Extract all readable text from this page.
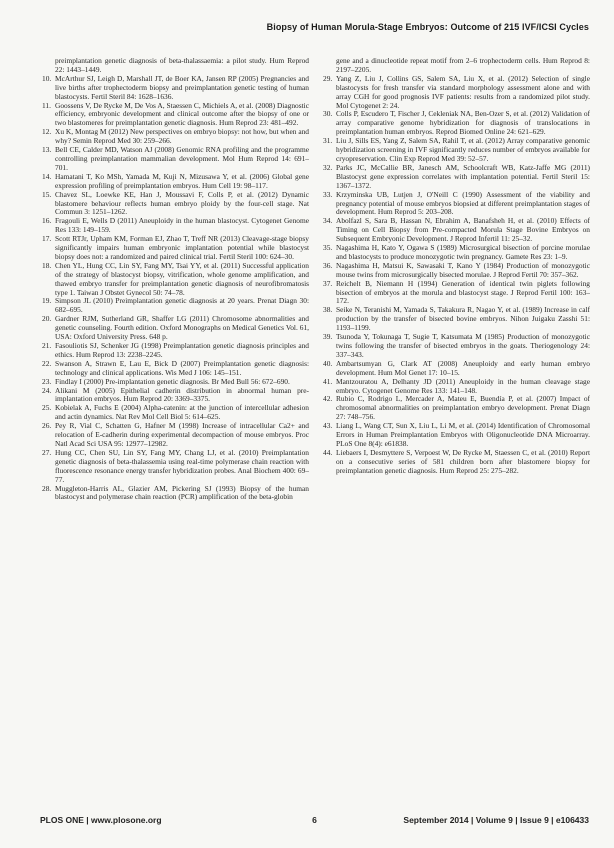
Biopsy of Human Morula-Stage Embryos: Outcome of 215 IVF/ICSI Cycles
preimplantation genetic diagnosis of beta-thalassaemia: a pilot study. Hum Reprod 22: 1443–1449.
10. McArthur SJ, Leigh D, Marshall JT, de Boer KA, Jansen RP (2005) Pregnancies and live births after trophectoderm biopsy and preimplantation genetic testing of human blastocysts. Fertil Steril 84: 1628–1636.
11. Goossens V, De Rycke M, De Vos A, Staessen C, Michiels A, et al. (2008) Diagnostic efficiency, embryonic development and clinical outcome after the biopsy of one or two blastomeres for preimplantation genetic diagnosis. Hum Reprod 23: 481–492.
12. Xu K, Montag M (2012) New perspectives on embryo biopsy: not how, but when and why? Semin Reprod Med 30: 259–266.
13. Bell CE, Calder MD, Watson AJ (2008) Genomic RNA profiling and the programme controlling preimplantation mammalian development. Mol Hum Reprod 14: 691–701.
14. Hamatani T, Ko MSh, Yamada M, Kuji N, Mizusawa Y, et al. (2006) Global gene expression profiling of preimplantation embryos. Hum Cell 19: 98–117.
15. Chavez SL, Loewke KE, Han J, Moussavi F, Colls P, et al. (2012) Dynamic blastomere behaviour reflects human embryo ploidy by the four-cell stage. Nat Commun 3: 1251–1262.
16. Fragouli E, Wells D (2011) Aneuploidy in the human blastocyst. Cytogenet Genome Res 133: 149–159.
17. Scott RTJr, Upham KM, Forman EJ, Zhao T, Treff NR (2013) Cleavage-stage biopsy significantly impairs human embryonic implantation potential while blastocyst biopsy does not: a randomized and paired clinical trial. Fertil Steril 100: 624–30.
18. Chen YL, Hung CC, Lin SY, Fang MY, Tsai YY, et al. (2011) Successful application of the strategy of blastocyst biopsy, vitrification, whole genome amplification, and thawed embryo transfer for preimplantation genetic diagnosis of neurofibromatosis type 1. Taiwan J Obstet Gynecol 50: 74–78.
19. Simpson JL (2010) Preimplantation genetic diagnosis at 20 years. Prenat Diagn 30: 682–695.
20. Gardner RJM, Sutherland GR, Shaffer LG (2011) Chromosome abnormalities and genetic counseling. Fourth edition. Oxford Monographs on Medical Genetics Vol. 61, USA: Oxford University Press. 648 p.
21. Fasouliotis SJ, Schenker JG (1998) Preimplantation genetic diagnosis principles and ethics. Hum Reprod 13: 2238–2245.
22. Swanson A, Strawn E, Lau E, Bick D (2007) Preimplantation genetic diagnosis: technology and clinical applications. Wis Med J 106: 145–151.
23. Findlay I (2000) Pre-implantation genetic diagnosis. Br Med Bull 56: 672–690.
24. Alikani M (2005) Epithelial cadherin distribution in abnormal human pre-implantation embryos. Hum Reprod 20: 3369–3375.
25. Kobielak A, Fuchs E (2004) Alpha-catenin: at the junction of intercellular adhesion and actin dynamics. Nat Rev Mol Cell Biol 5: 614–625.
26. Pey R, Vial C, Schatten G, Hafner M (1998) Increase of intracellular Ca2+ and relocation of E-cadherin during experimental decompaction of mouse embryos. Proc Natl Acad Sci USA 95: 12977–12982.
27. Hung CC, Chen SU, Lin SY, Fang MY, Chang LJ, et al. (2010) Preimplantation genetic diagnosis of beta-thalassemia using real-time polymerase chain reaction with fluorescence resonance energy transfer hybridization probes. Anal Biochem 400: 69–77.
28. Muggleton-Harris AL, Glazier AM, Pickering SJ (1993) Biopsy of the human blastocyst and polymerase chain reaction (PCR) amplification of the beta-globin
gene and a dinucleotide repeat motif from 2–6 trophectoderm cells. Hum Reprod 8: 2197–2205.
29. Yang Z, Liu J, Collins GS, Salem SA, Liu X, et al. (2012) Selection of single blastocysts for fresh transfer via standard morphology assessment alone and with array CGH for good prognosis IVF patients: results from a randomized pilot study. Mol Cytogenet 2: 24.
30. Colls P, Escudero T, Fischer J, Cekleniak NA, Ben-Ozer S, et al. (2012) Validation of array comparative genome hybridization for diagnosis of translocations in preimplantation human embryos. Reprod Biomed Online 24: 621–629.
31. Liu J, Sills ES, Yang Z, Salem SA, Rahil T, et al. (2012) Array comparative genomic hybridization screening in IVF significantly reduces number of embryos available for cryopreservation. Clin Exp Reprod Med 39: 52–57.
32. Parks JC, McCallie BR, Janesch AM, Schoolcraft WB, Katz-Jaffe MG (2011) Blastocyst gene expression correlates with implantation potential. Fertil Steril 15: 1367–1372.
33. Krzyminska UB, Lutjen J, O'Neill C (1990) Assessment of the viability and pregnancy potential of mouse embryos biopsied at different preimplantation stages of development. Hum Reprod 5: 203–208.
34. Abolfazl S, Sara B, Hassan N, Ebrahim A, Banafsheh H, et al. (2010) Effects of Timing on Cell Biopsy from Pre-compacted Morula Stage Bovine Embryos on Subsequent Embryonic Development. J Reprod Infertil 11: 25–32.
35. Nagashima H, Kato Y, Ogawa S (1989) Microsurgical bisection of porcine morulae and blastocysts to produce monozygotic twin pregnancy. Gamete Res 23: 1–9.
36. Nagashima H, Matsui K, Sawasaki T, Kano Y (1984) Production of monozygotic mouse twins from microsurgically bisected morulae. J Reprod Fertil 70: 357–362.
37. Reichelt B, Niemann H (1994) Generation of identical twin piglets following bisection of embryos at the morula and blastocyst stage. J Reprod Fertil 100: 163–172.
38. Seike N, Teranishi M, Yamada S, Takakura R, Nagao Y, et al. (1989) Increase in calf production by the transfer of bisected bovine embryos. Nihon Juigaku Zasshi 51: 1193–1199.
39. Tsunoda Y, Tokunaga T, Sugie T, Katsumata M (1985) Production of monozygotic twins following the transfer of bisected embryos in the goats. Theriogenology 24: 337–343.
40. Ambartsumyan G, Clark AT (2008) Aneuploidy and early human embryo development. Hum Mol Genet 17: 10–15.
41. Mantzouratou A, Delhanty JD (2011) Aneuploidy in the human cleavage stage embryo. Cytogenet Genome Res 133: 141–148.
42. Rubio C, Rodrigo L, Mercader A, Mateu E, Buendía P, et al. (2007) Impact of chromosomal abnormalities on preimplantation embryo development. Prenat Diagn 27: 748–756.
43. Liang L, Wang CT, Sun X, Liu L, Li M, et al. (2014) Identification of Chromosomal Errors in Human Preimplantation Embryos with Oligonucleotide DNA Microarray. PLoS One 8(4): e61838.
44. Liebaers I, Desmyttere S, Verpoest W, De Rycke M, Staessen C, et al. (2010) Report on a consecutive series of 581 children born after blastomere biopsy for preimplantation genetic diagnosis. Hum Reprod 25: 275–282.
PLOS ONE | www.plosone.org	6	September 2014 | Volume 9 | Issue 9 | e106433
